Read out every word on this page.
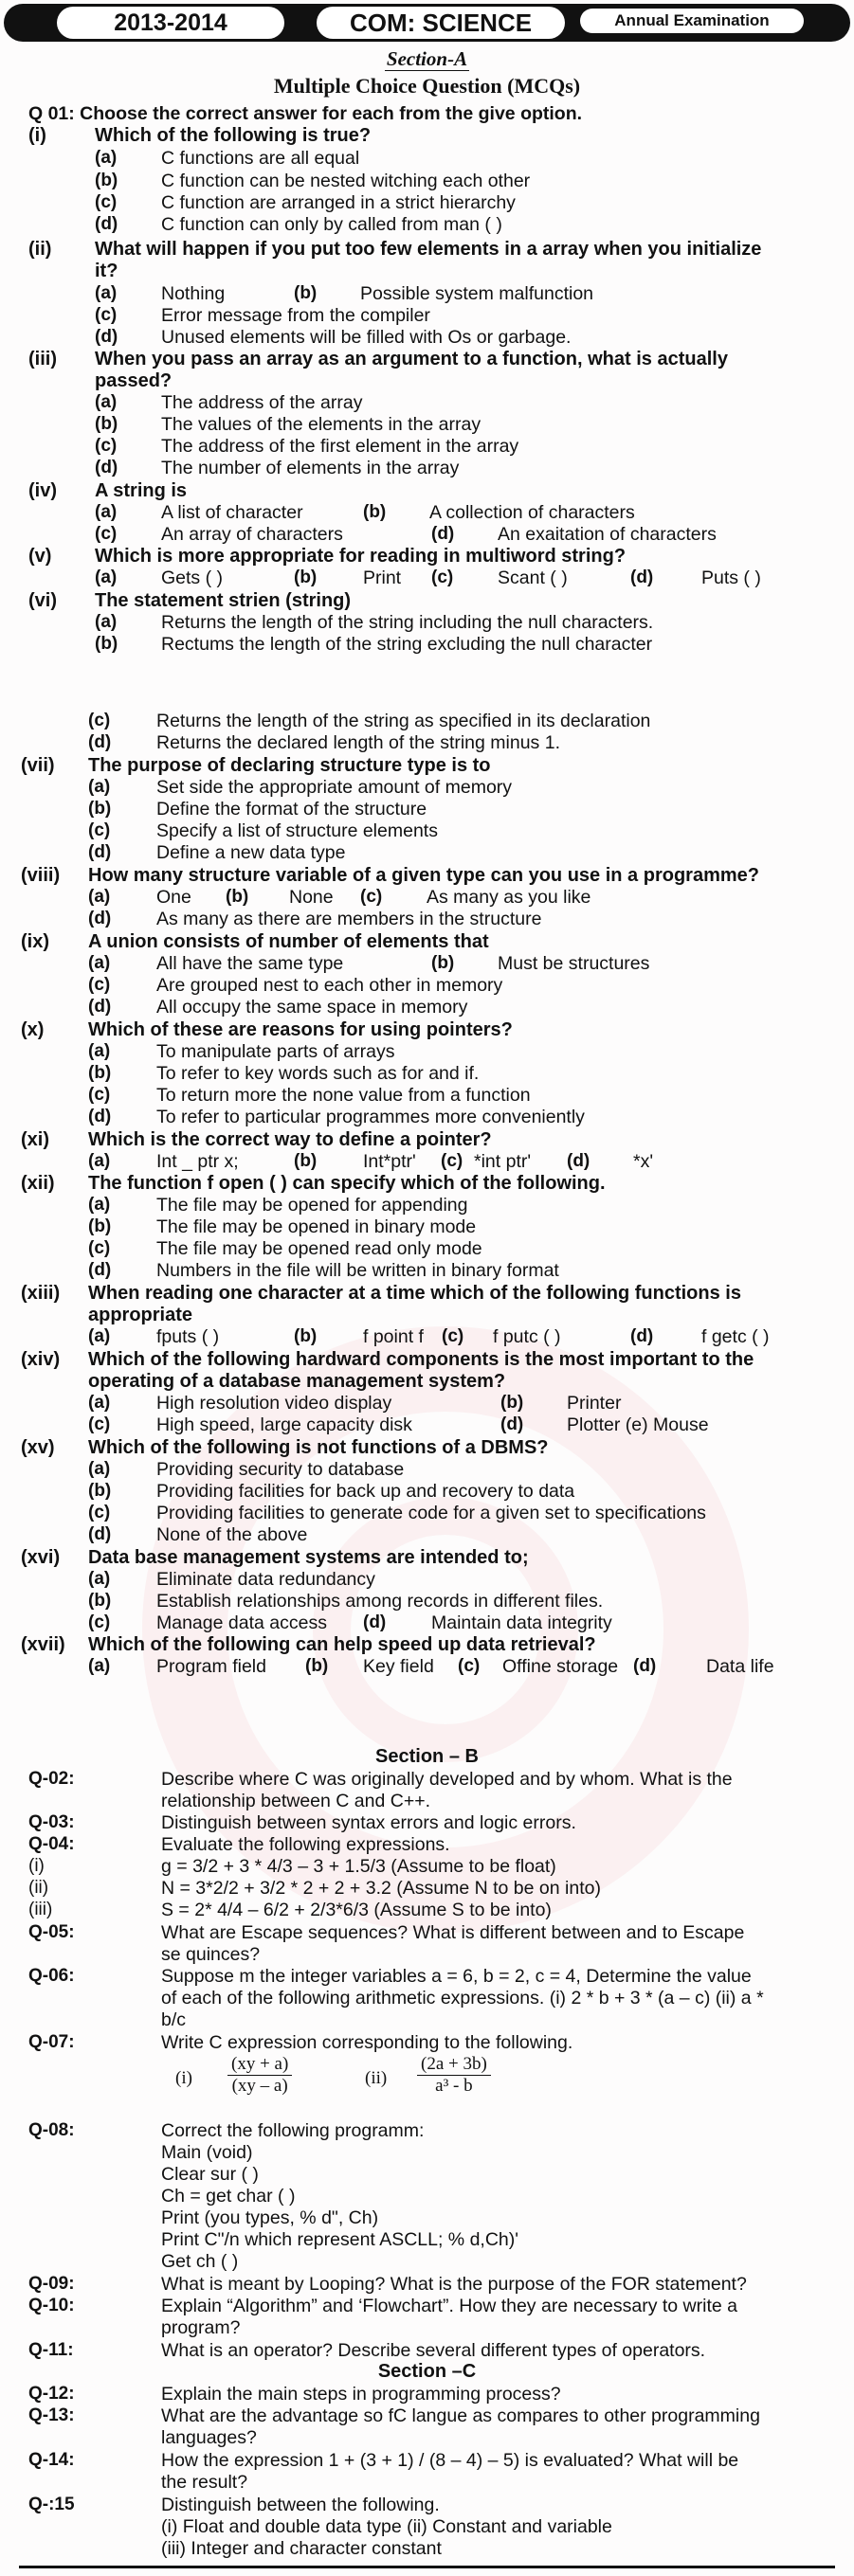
2013-2014	COM: SCIENCE	Annual Examination
Section-A
Multiple Choice Question (MCQs)
Q 01: Choose the correct answer for each from the give option.
(i)	Which of the following is true?
(a) C functions are all equal
(b) C function can be nested witching each other
(c) C function are arranged in a strict hierarchy
(d) C function can only by called from man ( )
(ii) What will happen if you put too few elements in a array when you initialize
it?
(a) Nothing	(b) Possible system malfunction
(c) Error message from the compiler
(d) Unused elements will be filled with Os or garbage.
(iii) When you pass an array as an argument to a function, what is actually
passed?
(a) The address of the array
(b) The values of the elements in the array
(c) The address of the first element in the array
(d) The number of elements in the array
(iv) A string is
(a) A list of character	(b) A collection of characters
(c) An array of characters	(d) An exaitation of characters
(v) Which is more appropriate for reading in multiword string?
(a) Gets ( )	(b) Print (c) Scant ( )	(d)	Puts ( )
(vi) The statement strien (string)
(a) Returns the length of the string including the null characters.
(b) Rectums the length of the string excluding the null character
(c)	Returns the length of the string as specified in its declaration
(d) Returns the declared length of the string minus 1.
(vii) The purpose of declaring structure type is to
(a)	Set side the appropriate amount of memory
(b) Define the format of the structure
(c)	Specify a list of structure elements
(d) Define a new data type
(viii) How many structure variable of a given type can you use in a programme?
(a)	One (b) None (c) As many as you like
(d) As many as there are members in the structure
(ix) A union consists of number of elements that
(a)	All have the same type	(b) Must be structures
(c)	Are grouped nest to each other in memory
(d) All occupy the same space in memory
(x) Which of these are reasons for using pointers?
(a)	To manipulate parts of arrays
(b) To refer to key words such as for and if.
(c)	To return more the none value from a function
(d) To refer to particular programmes more conveniently
(xi) Which is the correct way to define a pointer?
(a)	Int _ ptr x;	(b) Int*ptr' (c) *int ptr' (d) *x'
(xii) The function f open ( ) can specify which of the following.
(a)	The file may be opened for appending
(b) The file may be opened in binary mode
(c)	The file may be opened read only mode
(d) Numbers in the file will be written in binary format
(xiii) When reading one character at a time which of the following functions is
appropriate
(a)	fputs ( )	(b) f point f (c) f putc ( )	(d)	f getc ( )
(xiv) Which of the following hardward components is the most important to the
operating of a database management system?
(a)	High resolution video display	(b) Printer
(c)	High speed, large capacity disk	(d) Plotter (e) Mouse
(xv) Which of the following is not functions of a DBMS?
(a)	Providing security to database
(b) Providing facilities for back up and recovery to data
(c)	Providing facilities to generate code for a given set to specifications
(d) None of the above
(xvi) Data base management systems are intended to;
(a)	Eliminate data redundancy
(b) Establish relationships among records in different files.
(c)	Manage data access (d) Maintain data integrity
(xvii) Which of the following can help speed up data retrieval?
(a)	Program field (b) Key field (c) Offine storage (d)	Data life
Section – B
Q-02:	Describe where C was originally developed and by whom. What is the
relationship between C and C++.
Q-03:	Distinguish between syntax errors and logic errors.
Q-04:	Evaluate the following expressions.
(i)	g = 3/2 + 3 * 4/3 – 3 + 1.5/3 (Assume to be float)
(ii)	N = 3*2/2 + 3/2 * 2 + 2 + 3.2 (Assume N to be on into)
(iii)	S = 2* 4/4 – 6/2 + 2/3*6/3 (Assume S to be into)
Q-05:	What are Escape sequences? What is different between and to Escape
se quinces?
Q-06:	Suppose m the integer variables a = 6, b = 2, c = 4, Determine the value
of each of the following arithmetic expressions. (i) 2 * b + 3 * (a – c) (ii) a *
b/c
Q-07:	Write C expression corresponding to the following.
$(i) \frac{(xy + a)}{(xy - a)}$	$(ii) \frac{(2a + 3b)}{\text{a³ - b}}$
Q-08:	Correct the following programm:
Main (void)
Clear sur ( )
Ch = get char ( )
Print (you types, % d", Ch)
Print C"/n which represent ASCLL; % d,Ch)'
Get ch ( )
Q-09:	What is meant by Looping? What is the purpose of the FOR statement?
Q-10:	Explain “Algorithm” and ‘Flowchart”. How they are necessary to write a
program?
Q-11:	What is an operator? Describe several different types of operators.
Section –C
Q-12:	Explain the main steps in programming process?
Q-13:	What are the advantage so fC langue as compares to other programming
languages?
Q-14:	How the expression 1 + (3 + 1) / (8 – 4) – 5) is evaluated? What will be
the result?
Q-:15	Distinguish between the following.
(i) Float and double data type (ii) Constant and variable
(iii) Integer and character constant
